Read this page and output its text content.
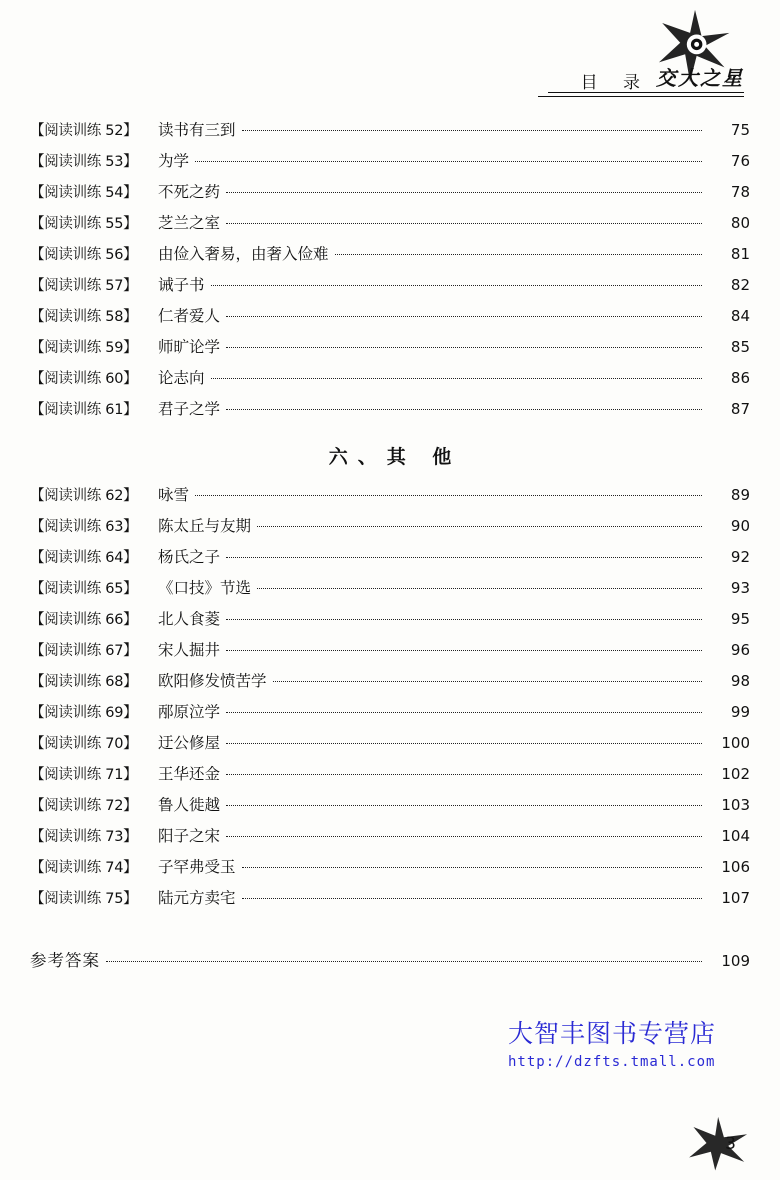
目 录 交大之星
【阅读训练 52】	读书有三到	75
【阅读训练 53】	为学	76
【阅读训练 54】	不死之药	78
【阅读训练 55】	芝兰之室	80
【阅读训练 56】	由俭入奢易，由奢入俭难	81
【阅读训练 57】	诫子书	82
【阅读训练 58】	仁者爱人	84
【阅读训练 59】	师旷论学	85
【阅读训练 60】	论志向	86
【阅读训练 61】	君子之学	87
六、其 他
【阅读训练 62】	咏雪	89
【阅读训练 63】	陈太丘与友期	90
【阅读训练 64】	杨氏之子	92
【阅读训练 65】	《口技》节选	93
【阅读训练 66】	北人食菱	95
【阅读训练 67】	宋人掘井	96
【阅读训练 68】	欧阳修发愤苦学	98
【阅读训练 69】	邴原泣学	99
【阅读训练 70】	迂公修屋	100
【阅读训练 71】	王华还金	102
【阅读训练 72】	鲁人徙越	103
【阅读训练 73】	阳子之宋	104
【阅读训练 74】	子罕弗受玉	106
【阅读训练 75】	陆元方卖宅	107
参考答案	109
大智丰图书专营店
http://dzfts.tmall.com
3
